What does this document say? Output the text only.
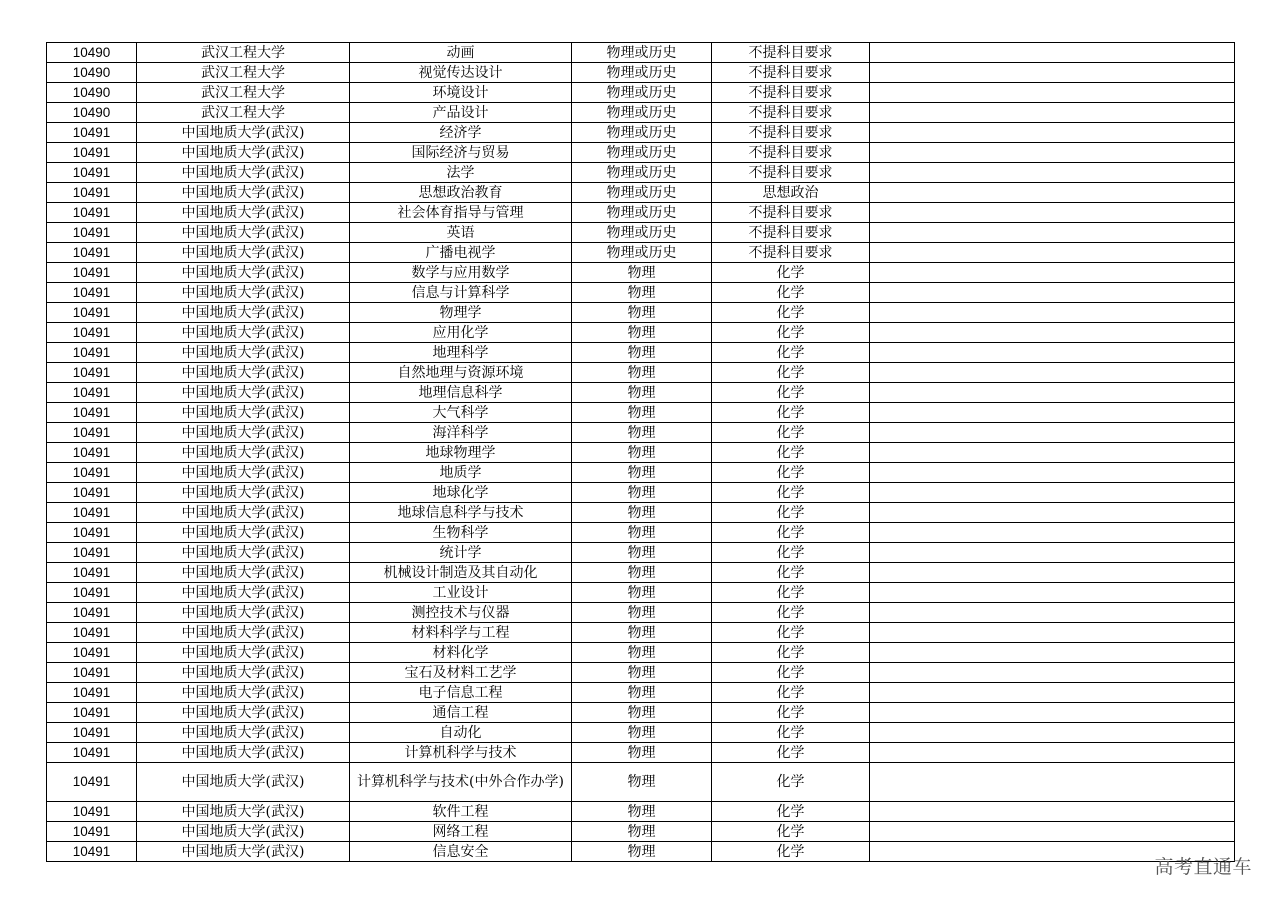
10490	武汉工程大学	动画	物理或历史	不提科目要求	
10490	武汉工程大学	视觉传达设计	物理或历史	不提科目要求	
10490	武汉工程大学	环境设计	物理或历史	不提科目要求	
10490	武汉工程大学	产品设计	物理或历史	不提科目要求	
10491	中国地质大学(武汉)	经济学	物理或历史	不提科目要求	
10491	中国地质大学(武汉)	国际经济与贸易	物理或历史	不提科目要求	
10491	中国地质大学(武汉)	法学	物理或历史	不提科目要求	
10491	中国地质大学(武汉)	思想政治教育	物理或历史	思想政治	
10491	中国地质大学(武汉)	社会体育指导与管理	物理或历史	不提科目要求	
10491	中国地质大学(武汉)	英语	物理或历史	不提科目要求	
10491	中国地质大学(武汉)	广播电视学	物理或历史	不提科目要求	
10491	中国地质大学(武汉)	数学与应用数学	物理	化学	
10491	中国地质大学(武汉)	信息与计算科学	物理	化学	
10491	中国地质大学(武汉)	物理学	物理	化学	
10491	中国地质大学(武汉)	应用化学	物理	化学	
10491	中国地质大学(武汉)	地理科学	物理	化学	
10491	中国地质大学(武汉)	自然地理与资源环境	物理	化学	
10491	中国地质大学(武汉)	地理信息科学	物理	化学	
10491	中国地质大学(武汉)	大气科学	物理	化学	
10491	中国地质大学(武汉)	海洋科学	物理	化学	
10491	中国地质大学(武汉)	地球物理学	物理	化学	
10491	中国地质大学(武汉)	地质学	物理	化学	
10491	中国地质大学(武汉)	地球化学	物理	化学	
10491	中国地质大学(武汉)	地球信息科学与技术	物理	化学	
10491	中国地质大学(武汉)	生物科学	物理	化学	
10491	中国地质大学(武汉)	统计学	物理	化学	
10491	中国地质大学(武汉)	机械设计制造及其自动化	物理	化学	
10491	中国地质大学(武汉)	工业设计	物理	化学	
10491	中国地质大学(武汉)	测控技术与仪器	物理	化学	
10491	中国地质大学(武汉)	材料科学与工程	物理	化学	
10491	中国地质大学(武汉)	材料化学	物理	化学	
10491	中国地质大学(武汉)	宝石及材料工艺学	物理	化学	
10491	中国地质大学(武汉)	电子信息工程	物理	化学	
10491	中国地质大学(武汉)	通信工程	物理	化学	
10491	中国地质大学(武汉)	自动化	物理	化学	
10491	中国地质大学(武汉)	计算机科学与技术	物理	化学	
10491	中国地质大学(武汉)	计算机科学与技术(中外合作办学)	物理	化学	
10491	中国地质大学(武汉)	软件工程	物理	化学	
10491	中国地质大学(武汉)	网络工程	物理	化学	
10491	中国地质大学(武汉)	信息安全	物理	化学	
高考直通车
